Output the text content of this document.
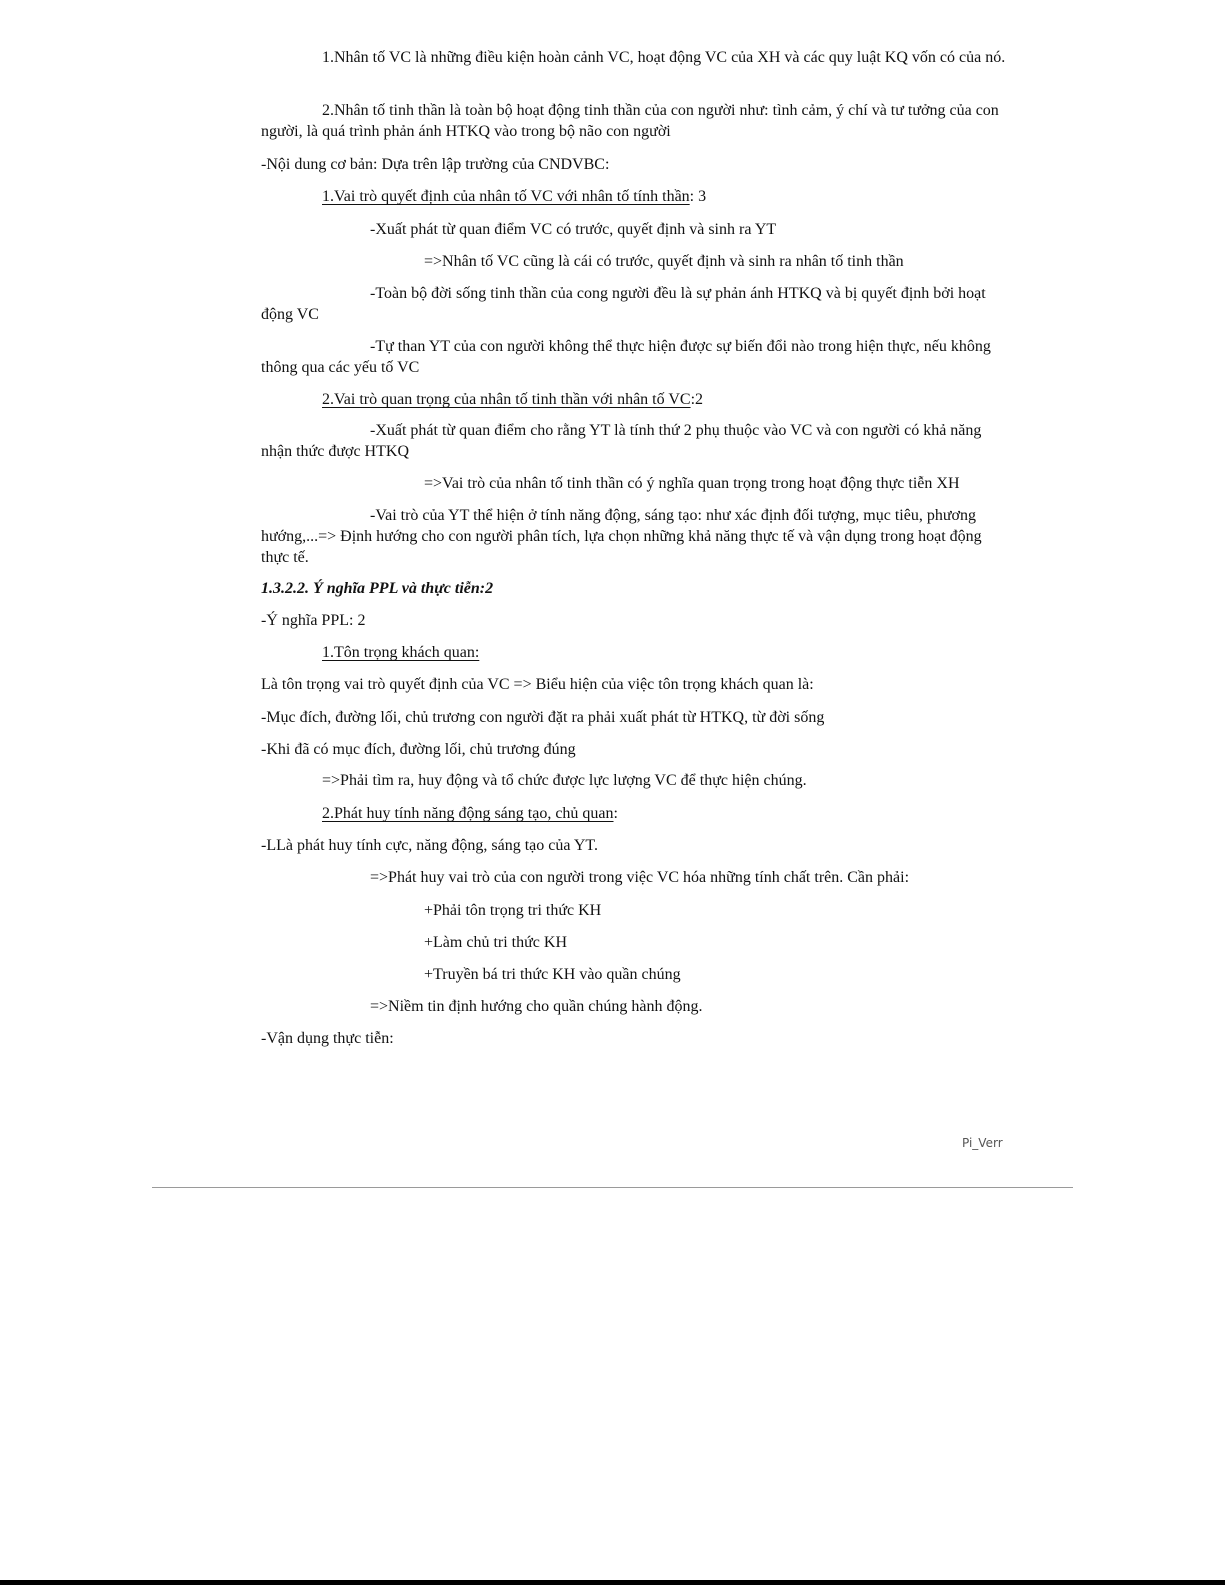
1.Nhân tố VC là những điều kiện hoàn cảnh VC, hoạt động VC của XH và các quy luật KQ vốn có của nó.

2.Nhân tố tinh thần là toàn bộ hoạt động tinh thần của con người như: tình cảm, ý chí và tư tưởng của con người, là quá trình phản ánh HTKQ vào trong bộ não con người

-Nội dung cơ bản: Dựa trên lập trường của CNDVBC:

1.Vai trò quyết định của nhân tố VC với nhân tố tính thần: 3

-Xuất phát từ quan điểm VC có trước, quyết định và sinh ra YT

=>Nhân tố VC cũng là cái có trước, quyết định và sinh ra nhân tố tinh thần

-Toàn bộ đời sống tinh thần của cong người đều là sự phản ánh HTKQ và bị quyết định bởi hoạt động VC

-Tự than YT của con người không thể thực hiện được sự biến đổi nào trong hiện thực, nếu không thông qua các yếu tố VC

2.Vai trò quan trọng của nhân tố tinh thần với nhân tố VC:2

-Xuất phát từ quan điểm cho rằng YT là tính thứ 2 phụ thuộc vào VC và con người có khả năng nhận thức được HTKQ

=>Vai trò của nhân tố tinh thần có ý nghĩa quan trọng trong hoạt động thực tiễn XH

-Vai trò của YT thể hiện ở tính năng động, sáng tạo: như xác định đối tượng, mục tiêu, phương hướng,...=> Định hướng cho con người phân tích, lựa chọn những khả năng thực tế và vận dụng trong hoạt động thực tế.

1.3.2.2. Ý nghĩa PPL và thực tiễn:2

-Ý nghĩa PPL: 2

1.Tôn trọng khách quan:

Là tôn trọng vai trò quyết định của VC => Biểu hiện của việc tôn trọng khách quan là:

-Mục đích, đường lối, chủ trương con người đặt ra phải xuất phát từ HTKQ, từ đời sống

-Khi đã có mục đích, đường lối, chủ trương đúng

=>Phải tìm ra, huy động và tổ chức được lực lượng VC để thực hiện chúng.

2.Phát huy tính năng động sáng tạo, chủ quan:

-LLà phát huy tính cực, năng động, sáng tạo của YT.

=>Phát huy vai trò của con người trong việc VC hóa những tính chất trên. Cần phải:

+Phải tôn trọng tri thức KH

+Làm chủ tri thức KH

+Truyền bá tri thức KH vào quần chúng

=>Niềm tin định hướng cho quần chúng hành động.

-Vận dụng thực tiễn:

Pi_Verr
